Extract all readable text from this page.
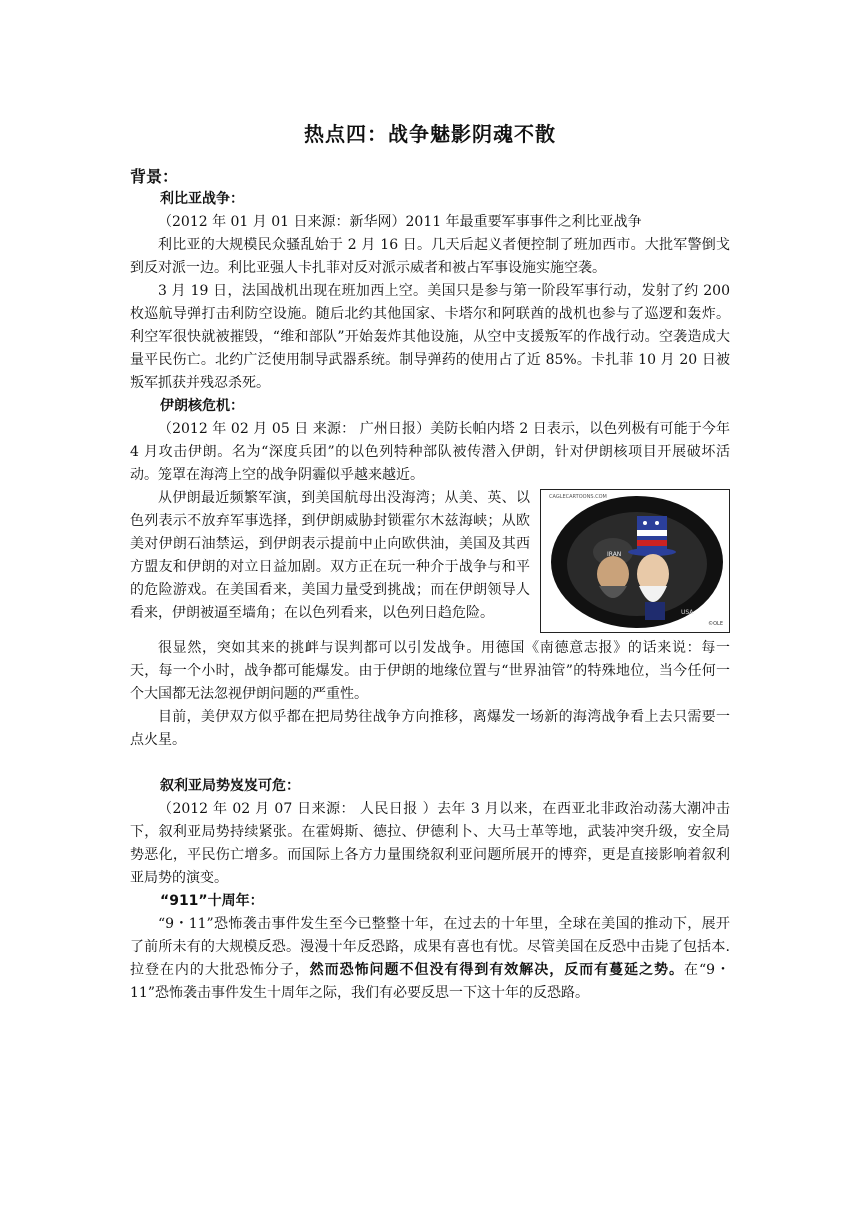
热点四：战争魅影阴魂不散
背景：
利比亚战争：

（2012 年 01 月 01 日来源：新华网）2011 年最重要军事事件之利比亚战争

利比亚的大规模民众骚乱始于 2 月 16 日。几天后起义者便控制了班加西市。大批军警倒戈到反对派一边。利比亚强人卡扎菲对反对派示威者和被占军事设施实施空袭。

3 月 19 日，法国战机出现在班加西上空。美国只是参与第一阶段军事行动，发射了约 200 枚巡航导弹打击利防空设施。随后北约其他国家、卡塔尔和阿联酋的战机也参与了巡逻和轰炸。利空军很快就被摧毁，“维和部队”开始轰炸其他设施，从空中支援叛军的作战行动。空袭造成大量平民伤亡。北约广泛使用制导武器系统。制导弹药的使用占了近 85%。卡扎菲 10 月 20 日被叛军抓获并残忍杀死。

伊朗核危机：

（2012 年 02 月 05 日 来源： 广州日报）美防长帕内塔 2 日表示，以色列极有可能于今年 4 月攻击伊朗。名为“深度兵团”的以色列特种部队被传潜入伊朗，针对伊朗核项目开展破坏活动。笼罩在海湾上空的战争阴霾似乎越来越近。

IRAN
USA
CAGLECARTOONS.COM
©OLE

从伊朗最近频繁军演，到美国航母出没海湾；从美、英、以色列表示不放弃军事选择，到伊朗威胁封锁霍尔木兹海峡；从欧美对伊朗石油禁运，到伊朗表示提前中止向欧供油，美国及其西方盟友和伊朗的对立日益加剧。双方正在玩一种介于战争与和平的危险游戏。在美国看来，美国力量受到挑战；而在伊朗领导人看来，伊朗被逼至墙角；在以色列看来，以色列日趋危险。

很显然，突如其来的挑衅与误判都可以引发战争。用德国《南德意志报》的话来说：每一天，每一个小时，战争都可能爆发。由于伊朗的地缘位置与“世界油管”的特殊地位，当今任何一个大国都无法忽视伊朗问题的严重性。

目前，美伊双方似乎都在把局势往战争方向推移，离爆发一场新的海湾战争看上去只需要一点火星。

叙利亚局势岌岌可危：

（2012 年 02 月 07 日来源： 人民日报 ）去年 3 月以来，在西亚北非政治动荡大潮冲击下，叙利亚局势持续紧张。在霍姆斯、德拉、伊德利卜、大马士革等地，武装冲突升级，安全局势恶化，平民伤亡增多。而国际上各方力量围绕叙利亚问题所展开的博弈，更是直接影响着叙利亚局势的演变。

“911”十周年：

“9・11”恐怖袭击事件发生至今已整整十年，在过去的十年里，全球在美国的推动下，展开了前所未有的大规模反恐。漫漫十年反恐路，成果有喜也有忧。尽管美国在反恐中击毙了包括本.拉登在内的大批恐怖分子，然而恐怖问题不但没有得到有效解决，反而有蔓延之势。在“9・11”恐怖袭击事件发生十周年之际，我们有必要反思一下这十年的反恐路。
